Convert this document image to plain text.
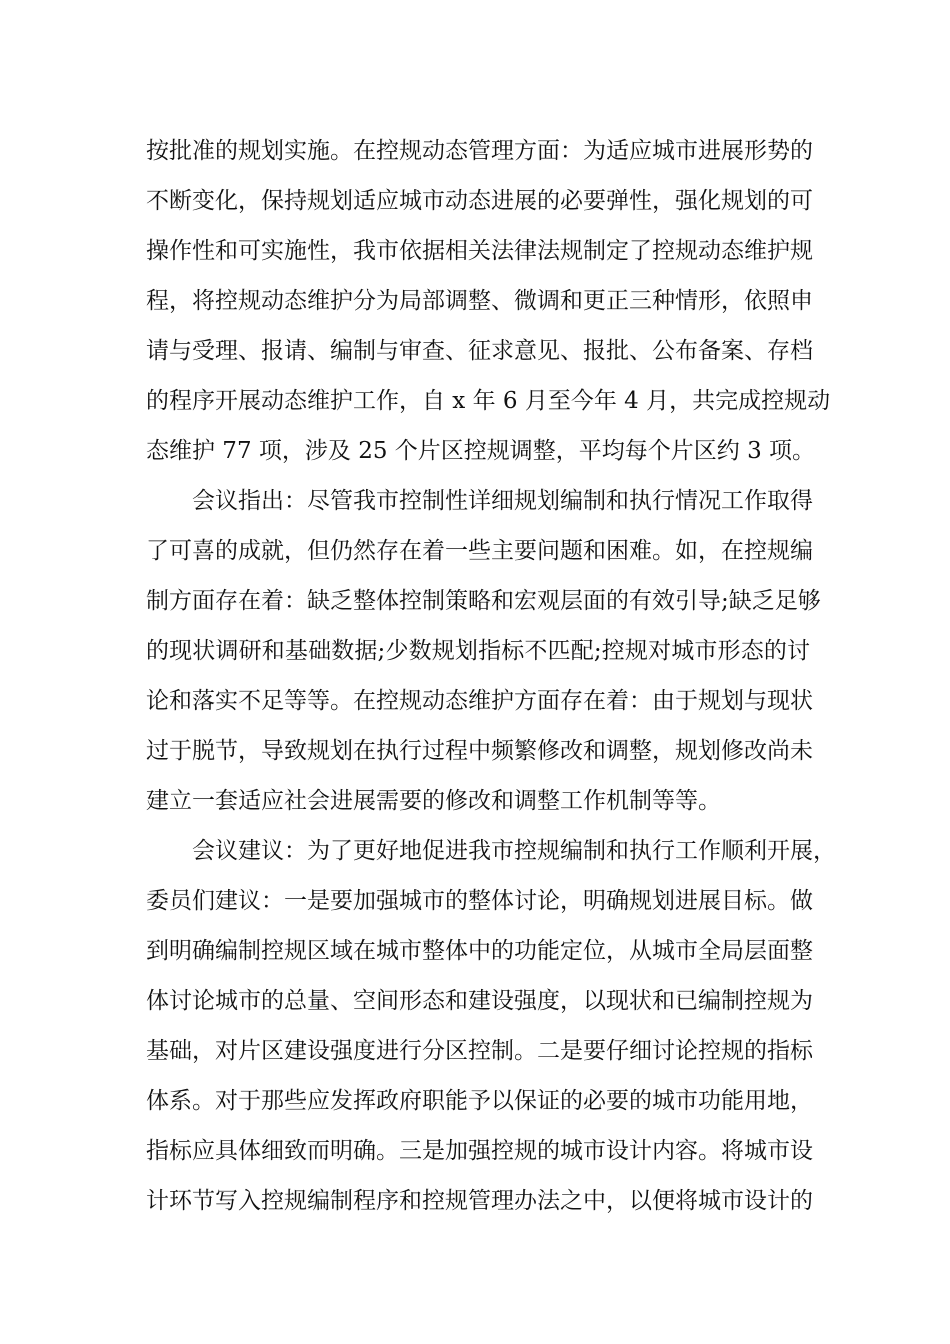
按批准的规划实施。在控规动态管理方面：为适应城市进展形势的
不断变化，保持规划适应城市动态进展的必要弹性，强化规划的可
操作性和可实施性，我市依据相关法律法规制定了控规动态维护规
程，将控规动态维护分为局部调整、微调和更正三种情形，依照申
请与受理、报请、编制与审查、征求意见、报批、公布备案、存档
的程序开展动态维护工作，自 x 年 6 月至今年 4 月，共完成控规动
态维护 77 项，涉及 25 个片区控规调整，平均每个片区约 3 项。
会议指出：尽管我市控制性详细规划编制和执行情况工作取得
了可喜的成就，但仍然存在着一些主要问题和困难。如，在控规编
制方面存在着：缺乏整体控制策略和宏观层面的有效引导;缺乏足够
的现状调研和基础数据;少数规划指标不匹配;控规对城市形态的讨
论和落实不足等等。在控规动态维护方面存在着：由于规划与现状
过于脱节，导致规划在执行过程中频繁修改和调整，规划修改尚未
建立一套适应社会进展需要的修改和调整工作机制等等。
会议建议：为了更好地促进我市控规编制和执行工作顺利开展，
委员们建议：一是要加强城市的整体讨论，明确规划进展目标。做
到明确编制控规区域在城市整体中的功能定位，从城市全局层面整
体讨论城市的总量、空间形态和建设强度，以现状和已编制控规为
基础，对片区建设强度进行分区控制。二是要仔细讨论控规的指标
体系。对于那些应发挥政府职能予以保证的必要的城市功能用地，
指标应具体细致而明确。三是加强控规的城市设计内容。将城市设
计环节写入控规编制程序和控规管理办法之中，以便将城市设计的
